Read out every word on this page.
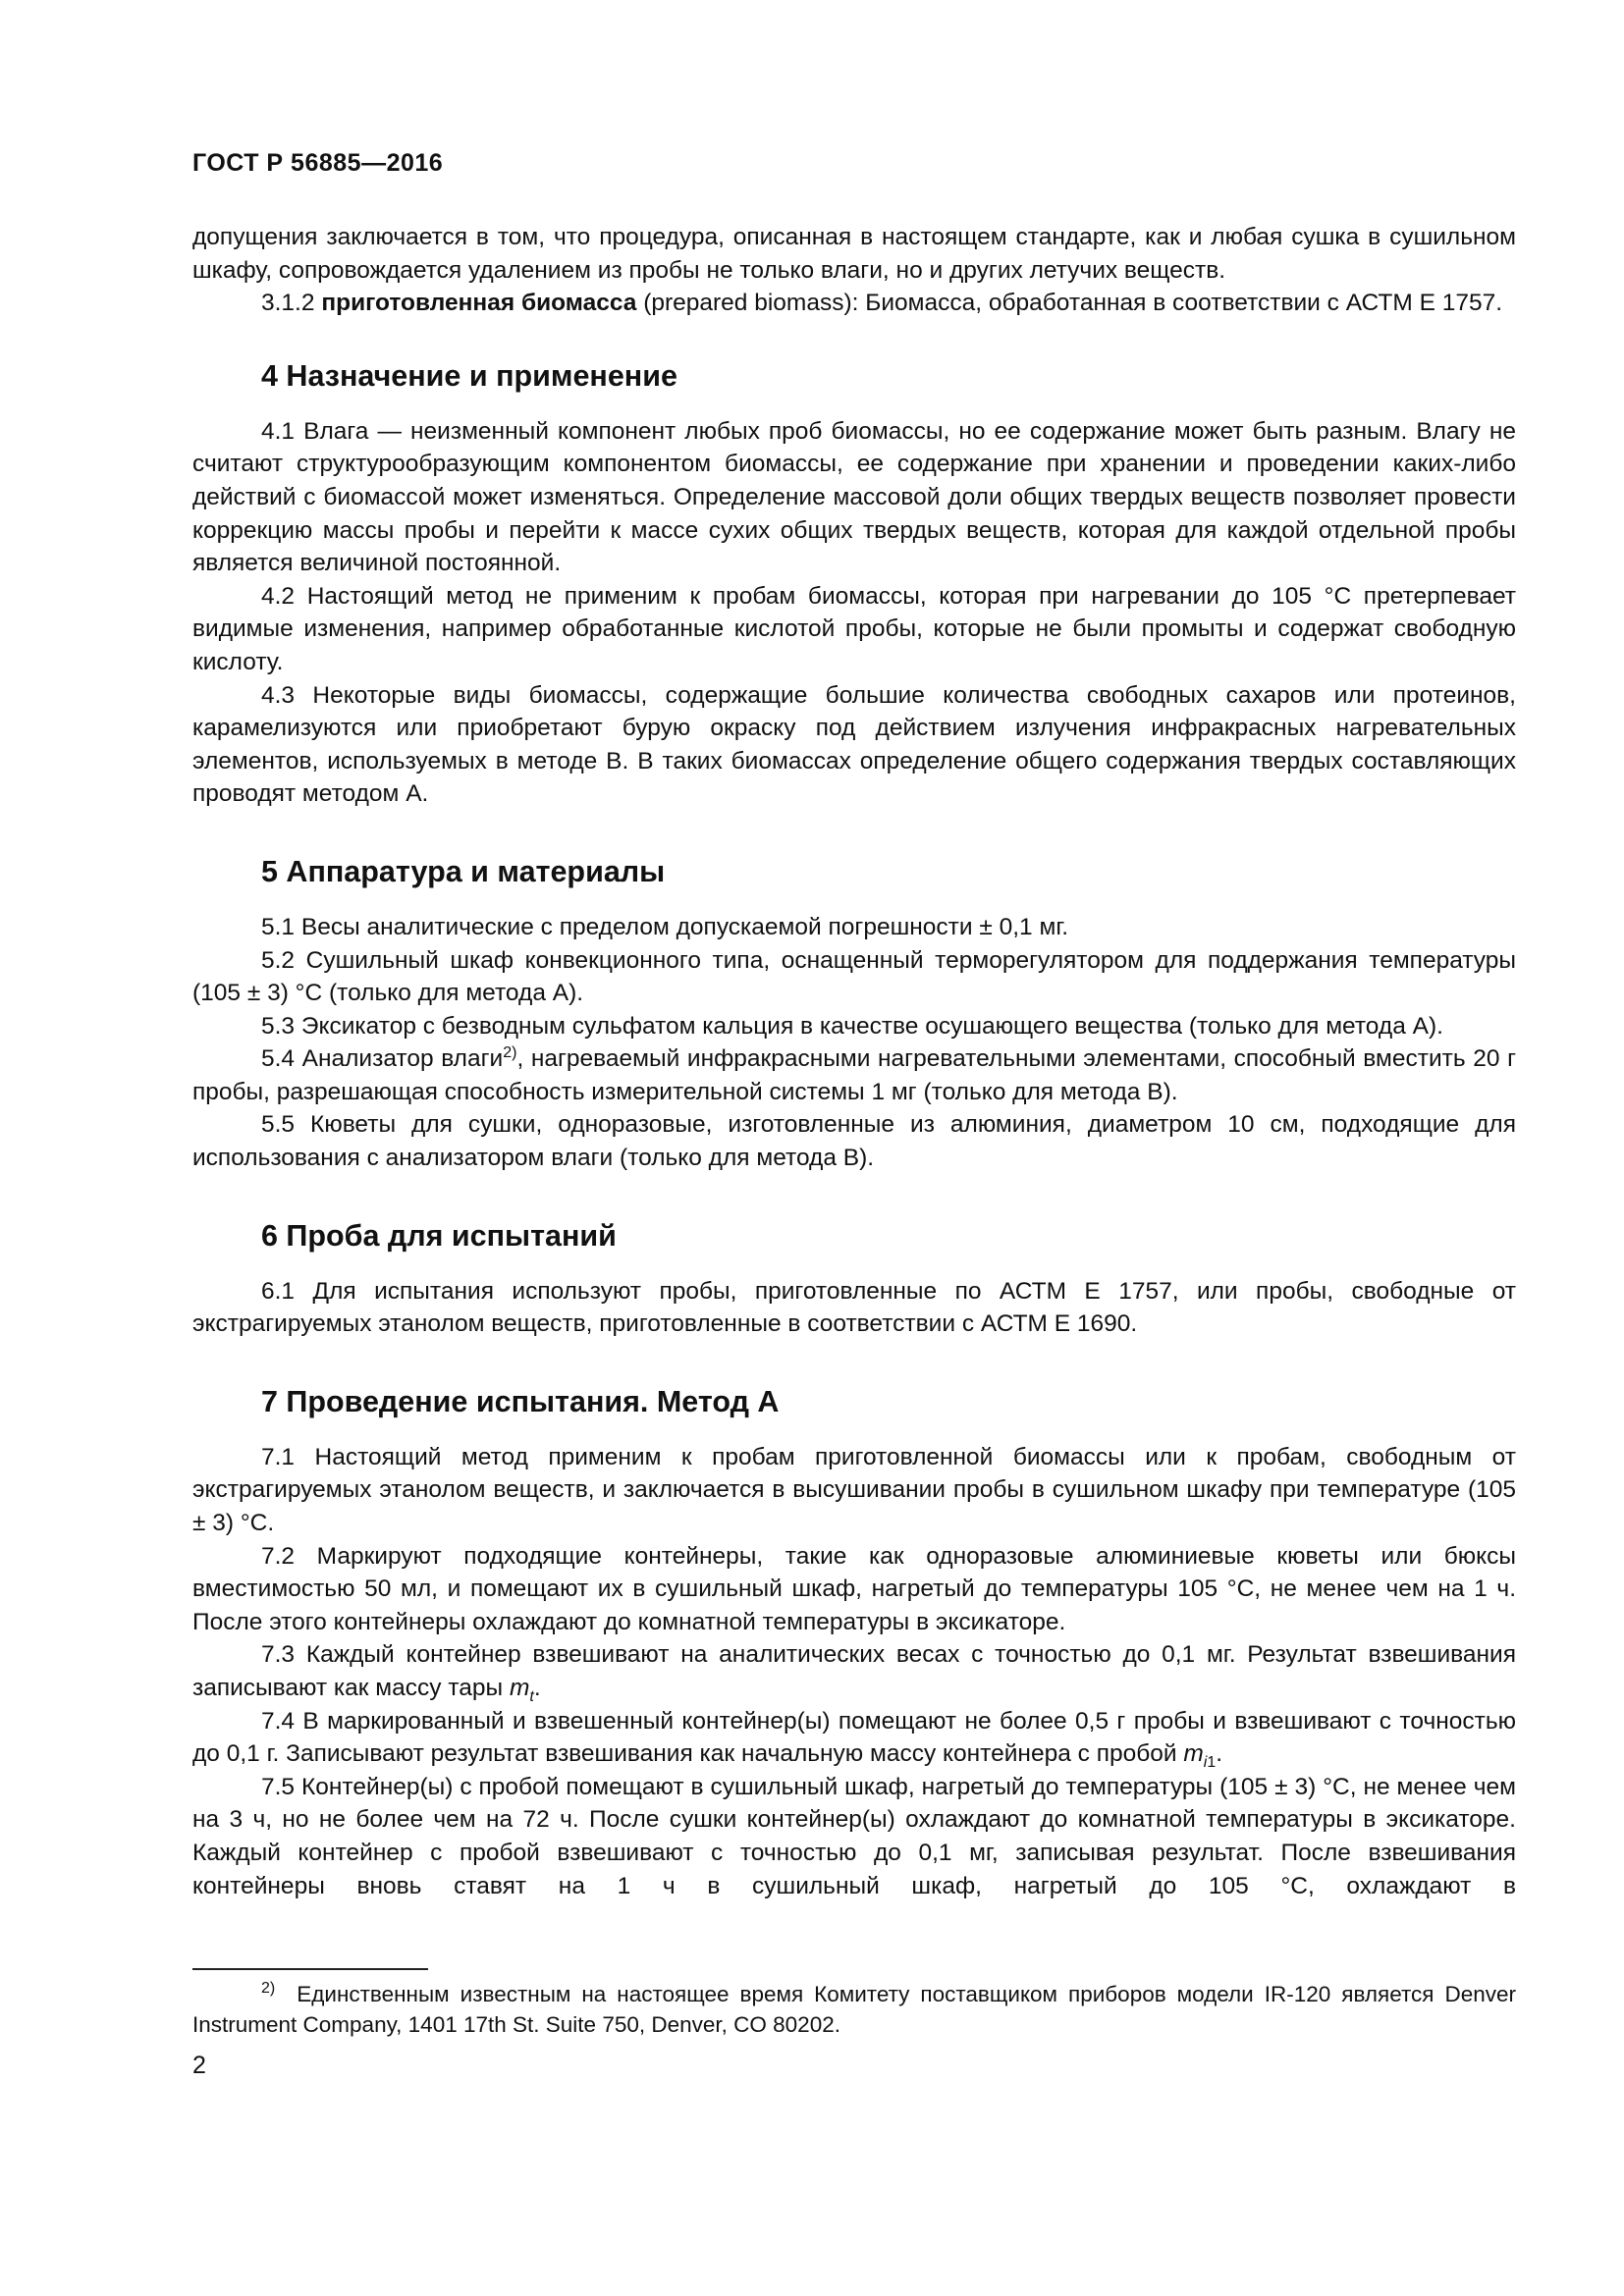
ГОСТ Р 56885—2016

допущения заключается в том, что процедура, описанная в настоящем стандарте, как и любая сушка в сушильном шкафу, сопровождается удалением из пробы не только влаги, но и других летучих веществ.

3.1.2 приготовленная биомасса (prepared biomass): Биомасса, обработанная в соответствии с АСТМ Е 1757.

4 Назначение и применение

4.1 Влага — неизменный компонент любых проб биомассы, но ее содержание может быть разным. Влагу не считают структурообразующим компонентом биомассы, ее содержание при хранении и проведении каких-либо действий с биомассой может изменяться. Определение массовой доли общих твердых веществ позволяет провести коррекцию массы пробы и перейти к массе сухих общих твердых веществ, которая для каждой отдельной пробы является величиной постоянной.

4.2 Настоящий метод не применим к пробам биомассы, которая при нагревании до 105 °С претерпевает видимые изменения, например обработанные кислотой пробы, которые не были промыты и содержат свободную кислоту.

4.3 Некоторые виды биомассы, содержащие большие количества свободных сахаров или протеинов, карамелизуются или приобретают бурую окраску под действием излучения инфракрасных нагревательных элементов, используемых в методе В. В таких биомассах определение общего содержания твердых составляющих проводят методом А.

5 Аппаратура и материалы

5.1 Весы аналитические с пределом допускаемой погрешности ± 0,1 мг.

5.2 Сушильный шкаф конвекционного типа, оснащенный терморегулятором для поддержания температуры (105 ± 3) °С (только для метода А).

5.3 Эксикатор с безводным сульфатом кальция в качестве осушающего вещества (только для метода А).

5.4 Анализатор влаги$^{2)}$, нагреваемый инфракрасными нагревательными элементами, способный вместить 20 г пробы, разрешающая способность измерительной системы 1 мг (только для метода В).

5.5 Кюветы для сушки, одноразовые, изготовленные из алюминия, диаметром 10 см, подходящие для использования с анализатором влаги (только для метода В).

6 Проба для испытаний

6.1 Для испытания используют пробы, приготовленные по АСТМ Е 1757, или пробы, свободные от экстрагируемых этанолом веществ, приготовленные в соответствии с АСТМ Е 1690.

7 Проведение испытания. Метод А

7.1 Настоящий метод применим к пробам приготовленной биомассы или к пробам, свободным от экстрагируемых этанолом веществ, и заключается в высушивании пробы в сушильном шкафу при температуре (105 ± 3) °С.

7.2 Маркируют подходящие контейнеры, такие как одноразовые алюминиевые кюветы или бюксы вместимостью 50 мл, и помещают их в сушильный шкаф, нагретый до температуры 105 °С, не менее чем на 1 ч. После этого контейнеры охлаждают до комнатной температуры в эксикаторе.

7.3 Каждый контейнер взвешивают на аналитических весах с точностью до 0,1 мг. Результат взвешивания записывают как массу тары $m_t$.

7.4 В маркированный и взвешенный контейнер(ы) помещают не более 0,5 г пробы и взвешивают с точностью до 0,1 г. Записывают результат взвешивания как начальную массу контейнера с пробой $m_{i1}$.

7.5 Контейнер(ы) с пробой помещают в сушильный шкаф, нагретый до температуры (105 ± 3) °С, не менее чем на 3 ч, но не более чем на 72 ч. После сушки контейнер(ы) охлаждают до комнатной температуры в эксикаторе. Каждый контейнер с пробой взвешивают с точностью до 0,1 мг, записывая результат. После взвешивания контейнеры вновь ставят на 1 ч в сушильный шкаф, нагретый до 105 °С, охлаждают в

$^{2)}$ Единственным известным на настоящее время Комитету поставщиком приборов модели IR-120 является Denver Instrument Company, 1401 17th St. Suite 750, Denver, CO 80202.

2
